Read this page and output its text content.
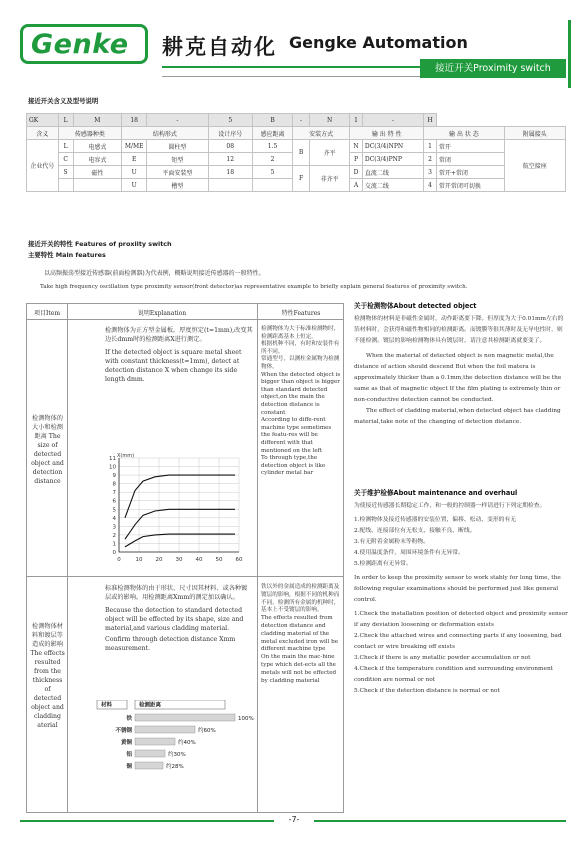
Genke 耕克自动化 Gengke Automation
接近开关Proximity switch
接近开关含义及型号说明
GK	L	M	18	-	5	B	-	N	1	-	H		
含义	传感器种类		结构形式		设计序号	感应距离	安装方式		输 出 特 性		输 出 状 态		附属接头
企业代号	L	电感式	M/ME	圆柱型	08	1.5	B	齐平	N	DC(3/4)NPN	1	常开	航空接座
	C	电容式	E	矩型	12	2			P	DC(3/4)PNP	2	常闭	
	S	磁性	U	平面安装型	18	5	F	非齐平	D	直流二线	3	常开+常闭	
			U	槽型					A	交流二线	4	常开常闭可切换	
接近开关的特性 Features of proxiity switch
主要特性 Main features
以高频振荡型接近传感器(前面检测器)为代表例，概略说明接近传感器的一般特性。
Take high frequency oscillation type proximity sensor(front detector)as representative example to briefly explain general features of proximity switch.
项目Item	说明Explanation	特性Features
检测物体的大小和检测距离 The size of detected object and detection distance

检测物体为正方型金属板。厚度恒定(t=1mm),改变其边长dmm时的检测距离X进行测定。

If the detected object is square metal sheet with constant thickness(t=1mm), detect at detection distance X when change its side length dmm.

0
1
2
3
4
5
6
7
8
9
10
11
0	10 20 30 40 50 60
X(mm)

检测物体为大于标准检测物时，检测距离基本上恒定。

根据机种不同，有时和安装件有所不同。

常通型号，以测柱金属物为检测物体。

When the detected object is bigger than object is bigger than standard detected object,on the main the detection distance is constant

According to diffe-rent machine type sometimes the featu-res will be different with that mentioned on the left

To through type,the detection object is like cylinder metal bar

检测物体材料和镀层等造成的影响 The effects resulted from the thickness of detected object and cladding aterial

标准检测物体的由于形状、尺寸因其材料、或各种镀层或的影响。用检测距离Xmm的测定加以确认。

Because the detection to standard detected object will be effected by its shape, size and material,and various cladding material.

Confirm through detection distance Xmm measurement.

材料	检测距离
铁	100%
不锈钢	约60%
黄铜	约40%
铝	约30%
铜	约28%

铁以外的金属造成的检测距离及镀层的影响，根据不同的机种而不同。检测所有金属的机种时，基本上不受镀层的影响。

The effects resulted from detection distance and cladding material of the metal excluded iron will be different machine type

On the main the mac-hine type which det-ects all the metals will not be effected by cladding material

关于检测物体About detected object
检测物体的材料是非磁性金属时，动作距离要下降。但厚度为大于0.01mm左右的箔材料时，会获得和磁性物相同的检测距离。而镀膜等很其薄时及无导电性时，则不能检测。镀层的影响检测物体具有镀层时，请注意其检测距离就要变了。
When the material of detected object is non magnetic metal,the distance of action should descend But when the foil matera is approximately thicker than a 0.1mm,the detection distance will be the same as that of magnetic object If the film plating is extremely thin or non-conductive detection cannot be conducted.
The effect of cladding material,when detected object has cladding material,take note of the changing of detection distance.
关于维护检修About maintenance and overhaul
为使接近传感器长期稳定工作，和一般的控制器一样请进行下列定期检查。
1.检测物体及接近传感器的安装位置，偏移、松动、变形的有无
2.配线、连接部位有无松支、接触不良、断线。
3.有无附着金属粉末等粉物。
4.使用温度条件，周围环境条件有无异常。
5.检测距离有无异常。
In order to keep the proximity sensor to work stably for long time, the following regular examinations should be performed just like general control.
1.Check the installation position of detected object and proximity sensor if any deviation loosening or deformation exists
2.Check the attached wires and connecting parts if any loosening, bad contact or wire breaking off exists
3.Check if there is any metallic powder accumulation or not
4.Check if the temperature condition and surrounding environment condition are normal or not
5.Check if the detection distance is normal or not
-7-
